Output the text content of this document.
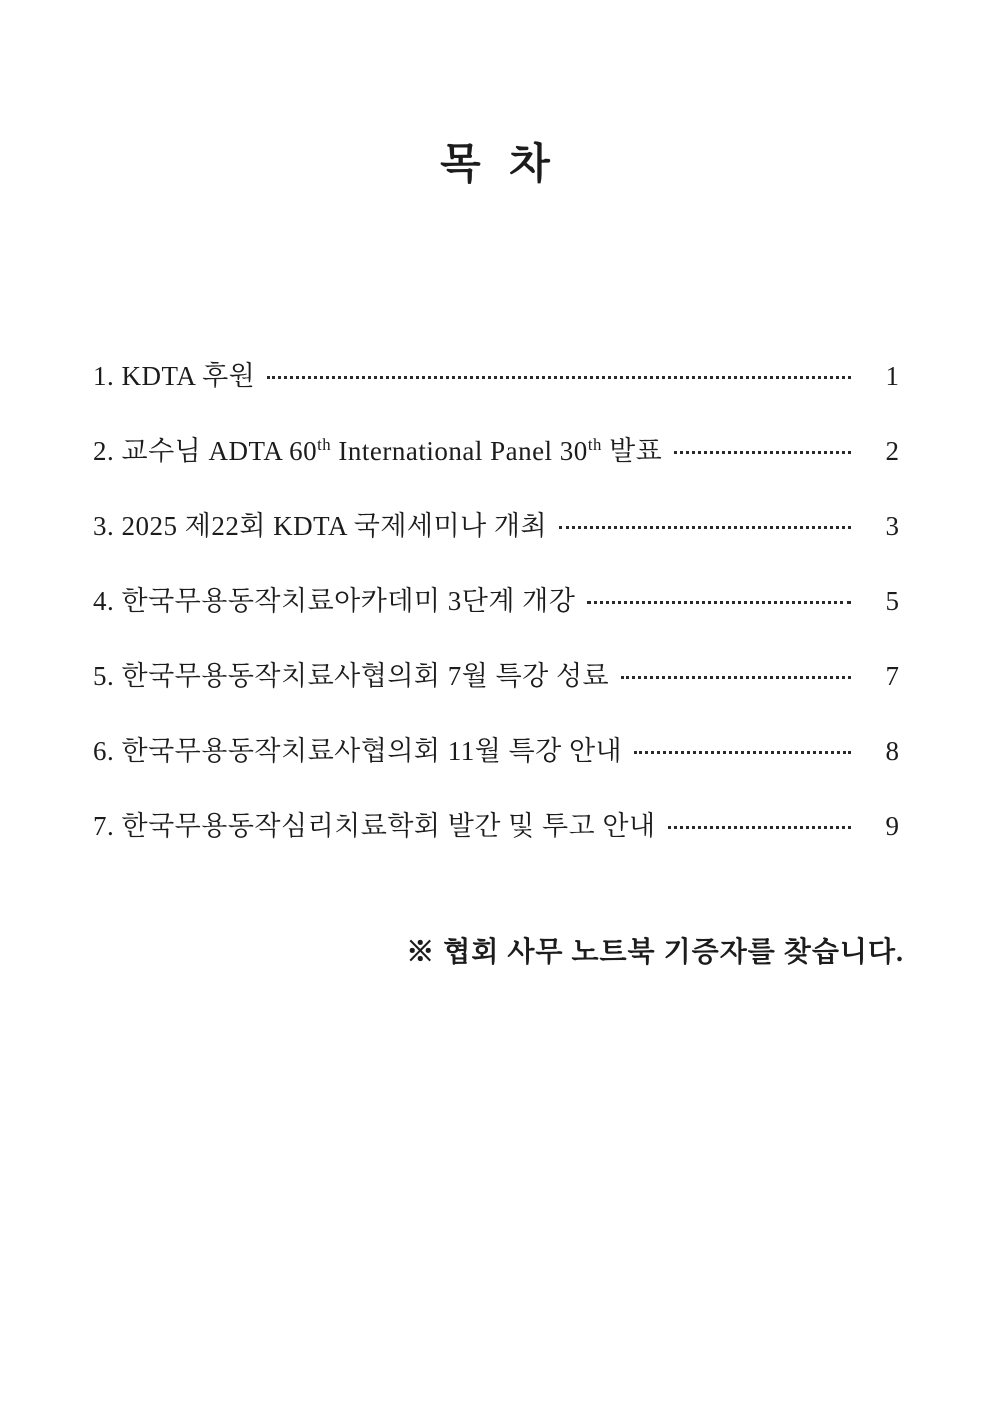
목 차
1. KDTA 후원	1
2. 교수님 ADTA 60th International Panel 30th 발표	2
3. 2025 제22회 KDTA 국제세미나 개최	3
4. 한국무용동작치료아카데미 3단계 개강	5
5. 한국무용동작치료사협의회 7월 특강 성료	7
6. 한국무용동작치료사협의회 11월 특강 안내	8
7. 한국무용동작심리치료학회 발간 및 투고 안내	9

※ 협회 사무 노트북 기증자를 찾습니다.
